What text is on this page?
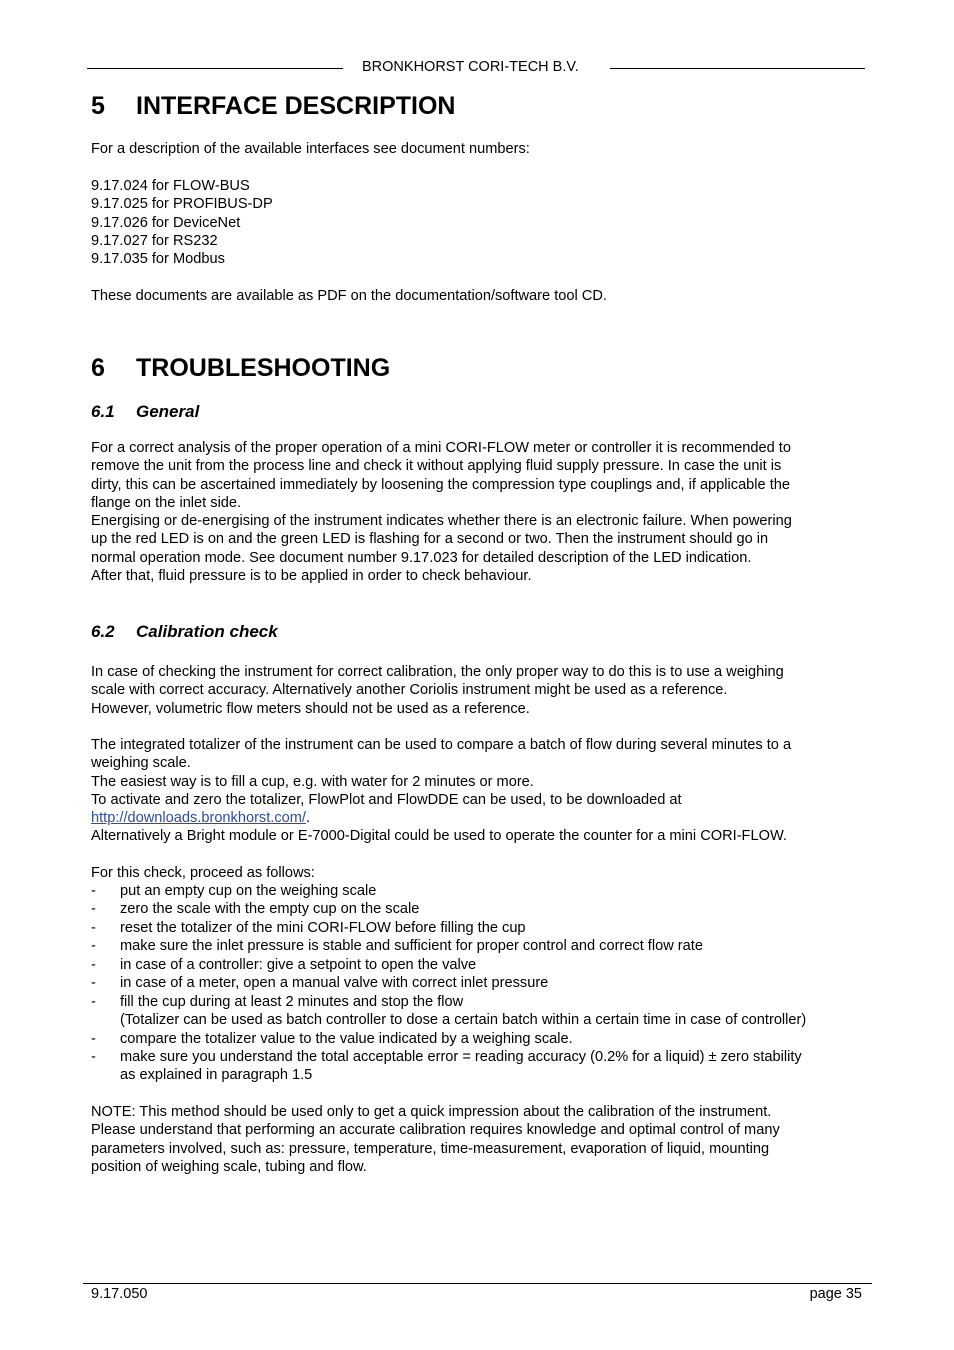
BRONKHORST CORI-TECH B.V.
5 INTERFACE DESCRIPTION
For a description of the available interfaces see document numbers:
9.17.024 for FLOW-BUS
9.17.025 for PROFIBUS-DP
9.17.026 for DeviceNet
9.17.027 for RS232
9.17.035 for Modbus
These documents are available as PDF on the documentation/software tool CD.
6 TROUBLESHOOTING
6.1 General
For a correct analysis of the proper operation of a mini CORI-FLOW meter or controller it is recommended to
remove the unit from the process line and check it without applying fluid supply pressure. In case the unit is
dirty, this can be ascertained immediately by loosening the compression type couplings and, if applicable the
flange on the inlet side.
Energising or de-energising of the instrument indicates whether there is an electronic failure. When powering
up the red LED is on and the green LED is flashing for a second or two. Then the instrument should go in
normal operation mode. See document number 9.17.023 for detailed description of the LED indication.
After that, fluid pressure is to be applied in order to check behaviour.
6.2 Calibration check
In case of checking the instrument for correct calibration, the only proper way to do this is to use a weighing
scale with correct accuracy. Alternatively another Coriolis instrument might be used as a reference.
However, volumetric flow meters should not be used as a reference.
The integrated totalizer of the instrument can be used to compare a batch of flow during several minutes to a
weighing scale.
The easiest way is to fill a cup, e.g. with water for 2 minutes or more.
To activate and zero the totalizer, FlowPlot and FlowDDE can be used, to be downloaded at
http://downloads.bronkhorst.com/.
Alternatively a Bright module or E-7000-Digital could be used to operate the counter for a mini CORI-FLOW.
For this check, proceed as follows:
- put an empty cup on the weighing scale
- zero the scale with the empty cup on the scale
- reset the totalizer of the mini CORI-FLOW before filling the cup
- make sure the inlet pressure is stable and sufficient for proper control and correct flow rate
- in case of a controller: give a setpoint to open the valve
- in case of a meter, open a manual valve with correct inlet pressure
- fill the cup during at least 2 minutes and stop the flow
(Totalizer can be used as batch controller to dose a certain batch within a certain time in case of controller)
- compare the totalizer value to the value indicated by a weighing scale.
- make sure you understand the total acceptable error = reading accuracy (0.2% for a liquid) ± zero stability
as explained in paragraph 1.5
NOTE: This method should be used only to get a quick impression about the calibration of the instrument.
Please understand that performing an accurate calibration requires knowledge and optimal control of many
parameters involved, such as: pressure, temperature, time-measurement, evaporation of liquid, mounting
position of weighing scale, tubing and flow.
9.17.050	page 35
